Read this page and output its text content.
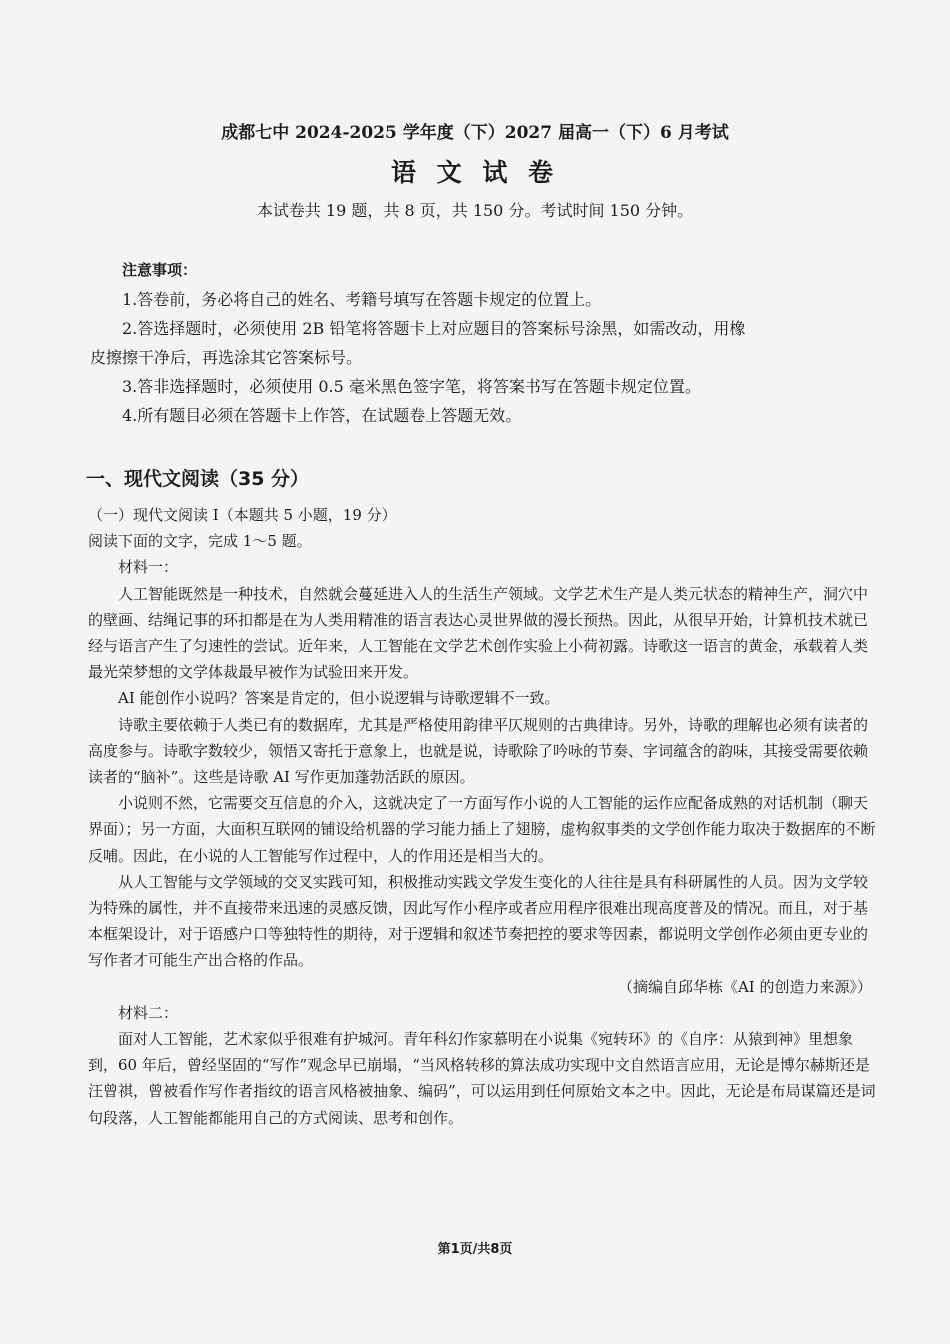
成都七中 2024-2025 学年度（下）2027 届高一（下）6 月考试
语 文 试 卷
本试卷共 19 题，共 8 页，共 150 分。考试时间 150 分钟。
注意事项：

1.答卷前，务必将自己的姓名、考籍号填写在答题卡规定的位置上。

2.答选择题时，必须使用 2B 铅笔将答题卡上对应题目的答案标号涂黑，如需改动，用橡

皮擦擦干净后，再选涂其它答案标号。

3.答非选择题时，必须使用 0.5 毫米黑色签字笔，将答案书写在答题卡规定位置。

4.所有题目必须在答题卡上作答，在试题卷上答题无效。

一、现代文阅读（35 分）

（一）现代文阅读 I（本题共 5 小题，19 分）

阅读下面的文字，完成 1～5 题。

材料一：

人工智能既然是一种技术，自然就会蔓延进入人的生活生产领域。文学艺术生产是人类元状态的精神生产，洞穴中的壁画、结绳记事的环扣都是在为人类用精准的语言表达心灵世界做的漫长预热。因此，从很早开始，计算机技术就已经与语言产生了匀速性的尝试。近年来，人工智能在文学艺术创作实验上小荷初露。诗歌这一语言的黄金，承载着人类最光荣梦想的文学体裁最早被作为试验田来开发。

AI 能创作小说吗？答案是肯定的，但小说逻辑与诗歌逻辑不一致。

诗歌主要依赖于人类已有的数据库，尤其是严格使用韵律平仄规则的古典律诗。另外，诗歌的理解也必须有读者的高度参与。诗歌字数较少，领悟又寄托于意象上，也就是说，诗歌除了吟咏的节奏、字词蕴含的韵味，其接受需要依赖读者的“脑补”。这些是诗歌 AI 写作更加蓬勃活跃的原因。

小说则不然，它需要交互信息的介入，这就决定了一方面写作小说的人工智能的运作应配备成熟的对话机制（聊天界面）；另一方面，大面积互联网的铺设给机器的学习能力插上了翅膀，虚构叙事类的文学创作能力取决于数据库的不断反哺。因此，在小说的人工智能写作过程中，人的作用还是相当大的。

从人工智能与文学领域的交叉实践可知，积极推动实践文学发生变化的人往往是具有科研属性的人员。因为文学较为特殊的属性，并不直接带来迅速的灵感反馈，因此写作小程序或者应用程序很难出现高度普及的情况。而且，对于基本框架设计，对于语感户口等独特性的期待，对于逻辑和叙述节奏把控的要求等因素，都说明文学创作必须由更专业的写作者才可能生产出合格的作品。

（摘编自邱华栋《AI 的创造力来源》）

材料二：

面对人工智能，艺术家似乎很难有护城河。青年科幻作家慕明在小说集《宛转环》的《自序：从猿到神》里想象到，60 年后，曾经坚固的“写作”观念早已崩塌，“当风格转移的算法成功实现中文自然语言应用，无论是博尔赫斯还是汪曾祺，曾被看作写作者指纹的语言风格被抽象、编码”，可以运用到任何原始文本之中。因此，无论是布局谋篇还是词句段落，人工智能都能用自己的方式阅读、思考和创作。

第1页/共8页
